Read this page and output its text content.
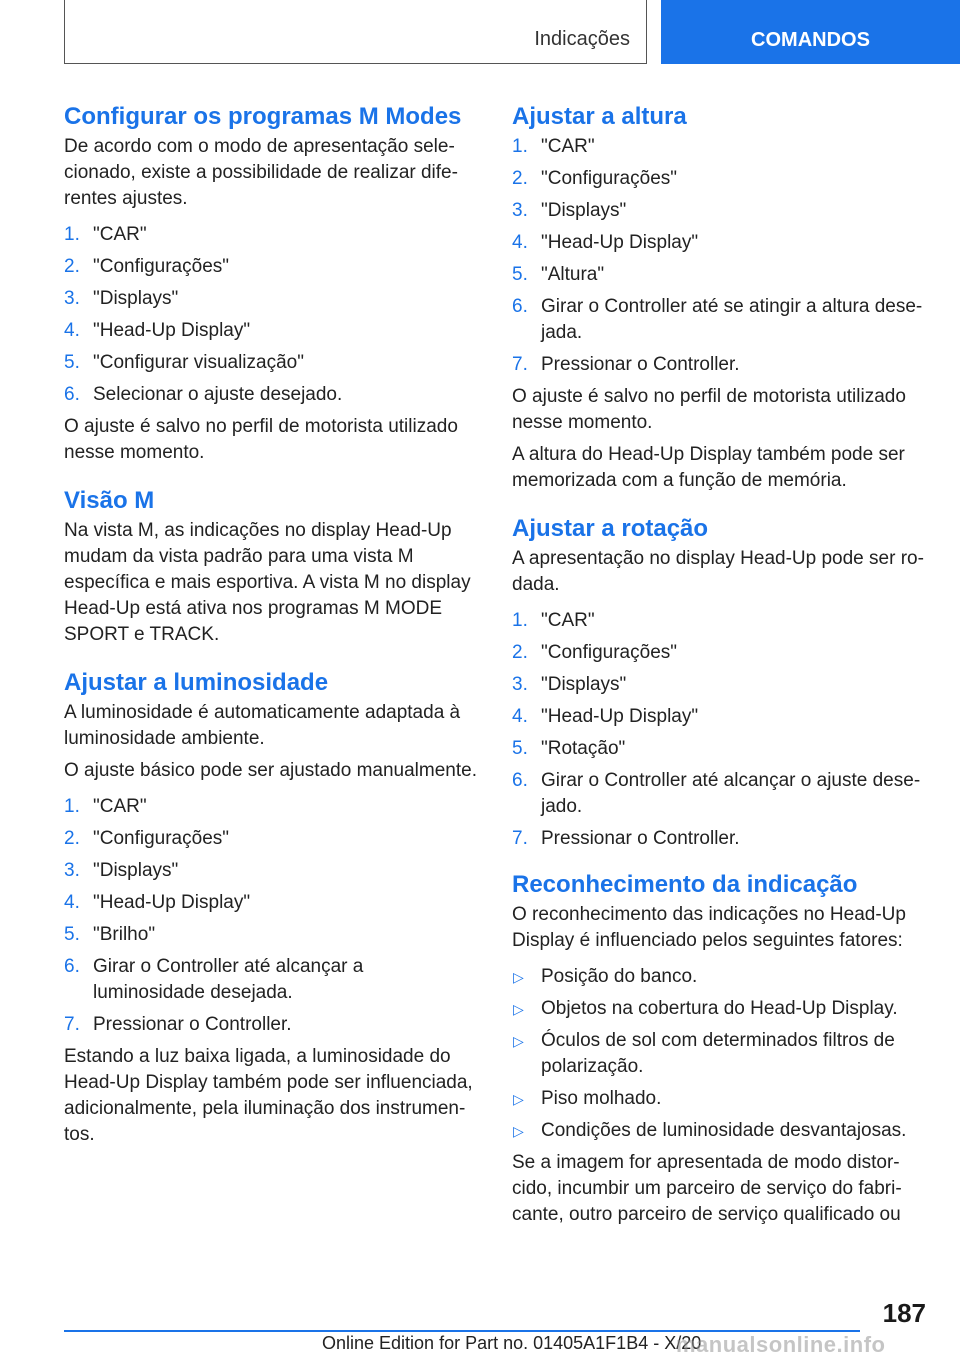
Indicações	COMANDOS
Configurar os programas M Modes

De acordo com o modo de apresentação selecionado, existe a possibilidade de realizar diferentes ajustes.

1. "CAR"
2. "Configurações"
3. "Displays"
4. "Head-Up Display"
5. "Configurar visualização"
6. Selecionar o ajuste desejado.

O ajuste é salvo no perfil de motorista utilizado nesse momento.

Visão M

Na vista M, as indicações no display Head-Up mudam da vista padrão para uma vista M específica e mais esportiva. A vista M no display Head-Up está ativa nos programas M MODE SPORT e TRACK.

Ajustar a luminosidade

A luminosidade é automaticamente adaptada à luminosidade ambiente.

O ajuste básico pode ser ajustado manualmente.

1. "CAR"
2. "Configurações"
3. "Displays"
4. "Head-Up Display"
5. "Brilho"
6. Girar o Controller até alcançar a luminosidade desejada.
7. Pressionar o Controller.

Estando a luz baixa ligada, a luminosidade do Head-Up Display também pode ser influenciada, adicionalmente, pela iluminação dos instrumentos.

Ajustar a altura
1. "CAR"
2. "Configurações"
3. "Displays"
4. "Head-Up Display"
5. "Altura"
6. Girar o Controller até se atingir a altura desejada.
7. Pressionar o Controller.

O ajuste é salvo no perfil de motorista utilizado nesse momento.

A altura do Head-Up Display também pode ser memorizada com a função de memória.

Ajustar a rotação

A apresentação no display Head-Up pode ser rodada.

1. "CAR"
2. "Configurações"
3. "Displays"
4. "Head-Up Display"
5. "Rotação"
6. Girar o Controller até alcançar o ajuste desejado.
7. Pressionar o Controller.
Reconhecimento da indicação

O reconhecimento das indicações no Head-Up Display é influenciado pelos seguintes fatores:

▷ Posição do banco.
▷ Objetos na cobertura do Head-Up Display.
▷ Óculos de sol com determinados filtros de polarização.
▷ Piso molhado.
▷ Condições de luminosidade desvantajosas.

Se a imagem for apresentada de modo distorcido, incumbir um parceiro de serviço do fabricante, outro parceiro de serviço qualificado ou

187
Online Edition for Part no. 01405A1F1B4 - X/20
manualsonline.info
